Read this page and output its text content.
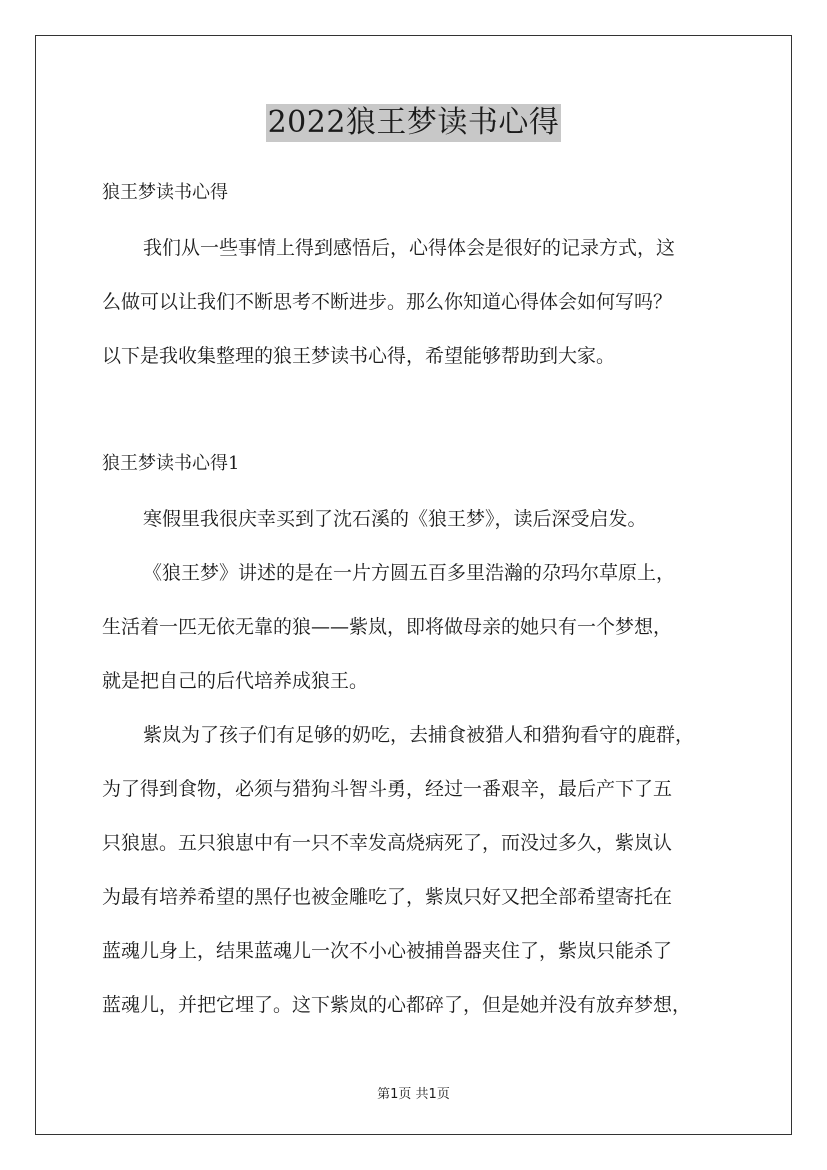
2022狼王梦读书心得
狼王梦读书心得
我们从一些事情上得到感悟后，心得体会是很好的记录方式，这
么做可以让我们不断思考不断进步。那么你知道心得体会如何写吗？
以下是我收集整理的狼王梦读书心得，希望能够帮助到大家。
狼王梦读书心得1
寒假里我很庆幸买到了沈石溪的《狼王梦》，读后深受启发。
《狼王梦》讲述的是在一片方圆五百多里浩瀚的尕玛尔草原上，
生活着一匹无依无靠的狼——紫岚，即将做母亲的她只有一个梦想，
就是把自己的后代培养成狼王。
紫岚为了孩子们有足够的奶吃，去捕食被猎人和猎狗看守的鹿群，
为了得到食物，必须与猎狗斗智斗勇，经过一番艰辛，最后产下了五
只狼崽。五只狼崽中有一只不幸发高烧病死了，而没过多久，紫岚认
为最有培养希望的黑仔也被金雕吃了，紫岚只好又把全部希望寄托在
蓝魂儿身上，结果蓝魂儿一次不小心被捕兽器夹住了，紫岚只能杀了
蓝魂儿，并把它埋了。这下紫岚的心都碎了，但是她并没有放弃梦想，
第1页 共1页
